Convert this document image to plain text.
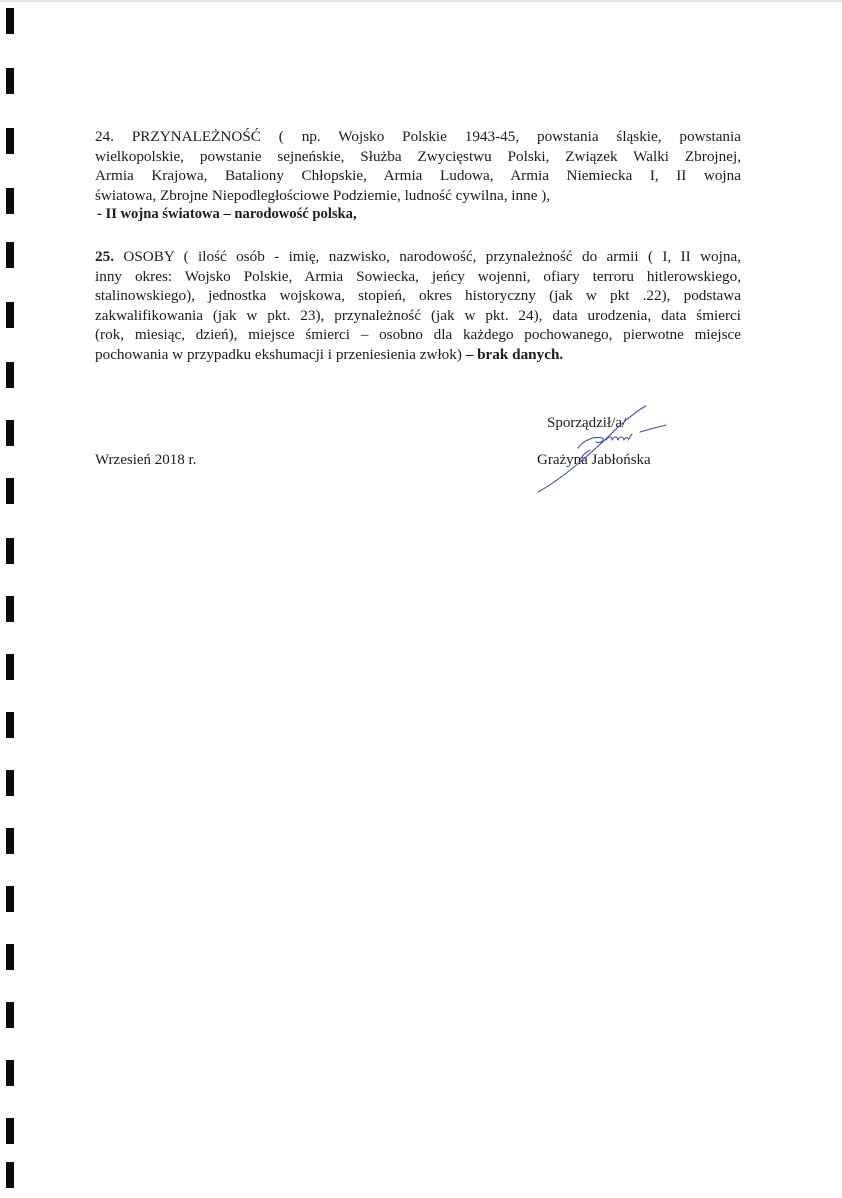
24. PRZYNALEŻNOŚĆ ( np. Wojsko Polskie 1943-45, powstania śląskie, powstania
wielkopolskie, powstanie sejneńskie, Służba Zwycięstwu Polski, Związek Walki Zbrojnej,
Armia Krajowa, Bataliony Chłopskie, Armia Ludowa, Armia Niemiecka I, II wojna
światowa, Zbrojne Niepodległościowe Podziemie, ludność cywilna, inne ),
- II wojna światowa – narodowość polska,
25. OSOBY ( ilość osób - imię, nazwisko, narodowość, przynależność do armii ( I, II wojna,
inny okres: Wojsko Polskie, Armia Sowiecka, jeńcy wojenni, ofiary terroru hitlerowskiego,
stalinowskiego), jednostka wojskowa, stopień, okres historyczny (jak w pkt .22), podstawa
zakwalifikowania (jak w pkt. 23), przynależność (jak w pkt. 24), data urodzenia, data śmierci
(rok, miesiąc, dzień), miejsce śmierci – osobno dla każdego pochowanego, pierwotne miejsce
pochowania w przypadku ekshumacji i przeniesienia zwłok) – brak danych.
Wrzesień 2018 r.
Sporządził/a/
Grażyna Jabłońska
